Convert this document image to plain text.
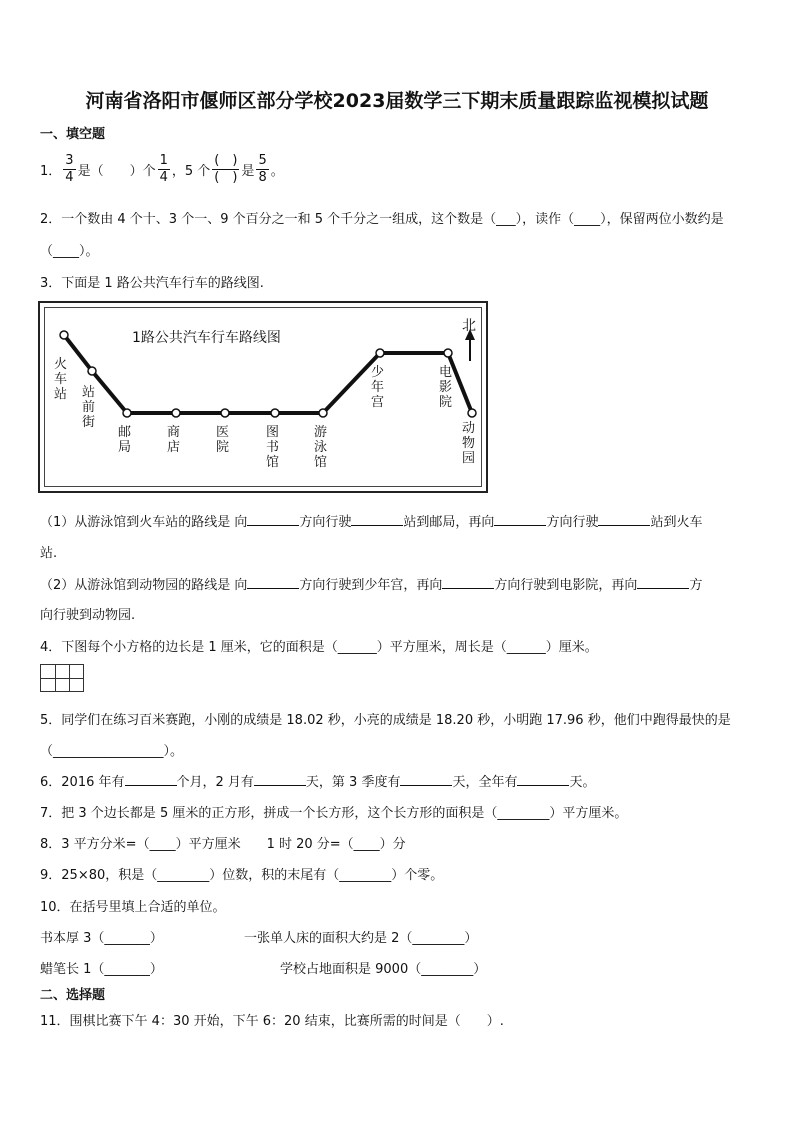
河南省洛阳市偃师区部分学校2023届数学三下期末质量跟踪监视模拟试题
一、填空题
1． $\frac{3}{4}$ 是（　　）个 $\frac{1}{4}$ ，5 个 $\frac{( )}{( )}$ 是 $\frac{5}{8}$ 。
2．一个数由 4 个十、3 个一、9 个百分之一和 5 个千分之一组成，这个数是（___），读作（____），保留两位小数约是
（____）。
3．下面是 1 路公共汽车行车的路线图.
1路公共汽车行车路线图
北
火车站 站前街
邮局
商店
医院
图书馆
游泳馆
少年宫
电影院
动物园
（1）从游泳馆到火车站的路线是 向	方向行驶	站到邮局，再向	方向行驶	站到火车
站.
（2）从游泳馆到动物园的路线是 向	方向行驶到少年宫，再向	方向行驶到电影院，再向	方
向行驶到动物园.
4．下图每个小方格的边长是 1 厘米，它的面积是（______）平方厘米，周长是（______）厘米。
5．同学们在练习百米赛跑，小刚的成绩是 18.02 秒，小亮的成绩是 18.20 秒，小明跑 17.96 秒，他们中跑得最快的是
（_________________）。
6．2016 年有	个月，2 月有	天，第 3 季度有	天，全年有	天。
7．把 3 个边长都是 5 厘米的正方形，拼成一个长方形，这个长方形的面积是（________）平方厘米。
8．3 平方分米=（____）平方厘米　　1 时 20 分=（____）分
9．25×80，积是（________）位数，积的末尾有（________）个零。
10．在括号里填上合适的单位。
书本厚 3（_______）	一张单人床的面积大约是 2（________）
蜡笔长 1（_______）	学校占地面积是 9000（________）
二、选择题
11．围棋比赛下午 4：30 开始，下午 6：20 结束，比赛所需的时间是（　　）.
